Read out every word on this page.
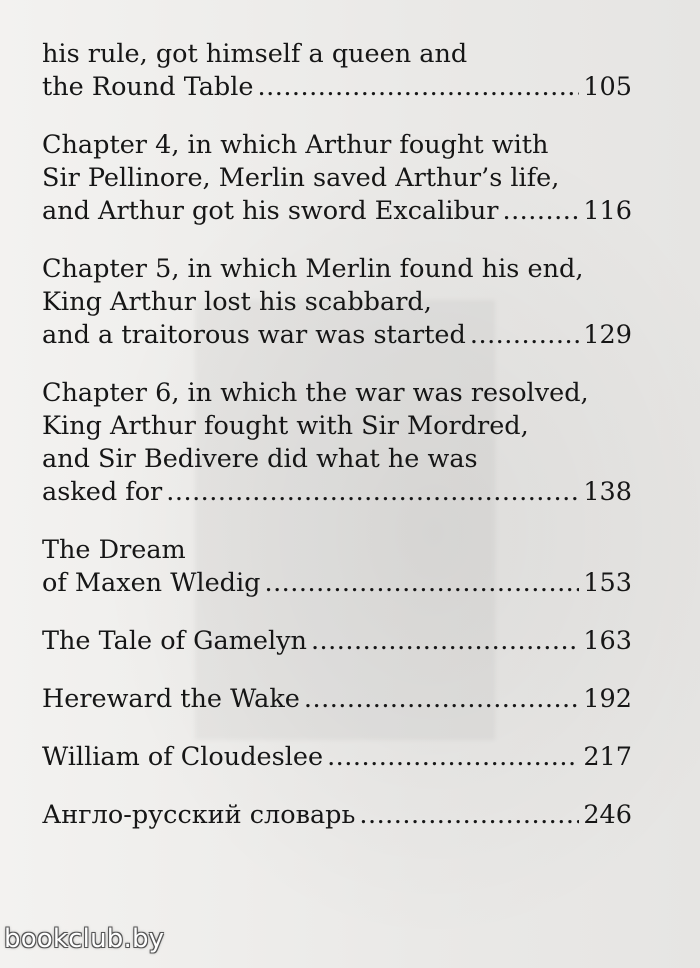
his rule, got himself a queen and
the Round Table .....	105
Chapter 4, in which Arthur fought with
Sir Pellinore, Merlin saved Arthur’s life,
and Arthur got his sword Excalibur .....	116
Chapter 5, in which Merlin found his end,
King Arthur lost his scabbard,
and a traitorous war was started .....	129
Chapter 6, in which the war was resolved,
King Arthur fought with Sir Mordred,
and Sir Bedivere did what he was
asked for .....	138
The Dream
of Maxen Wledig .....	153
The Tale of Gamelyn .....	163
Hereward the Wake .....	192
William of Cloudeslee .....	217
Англо-русский словарь .....	246
bookclub.by
